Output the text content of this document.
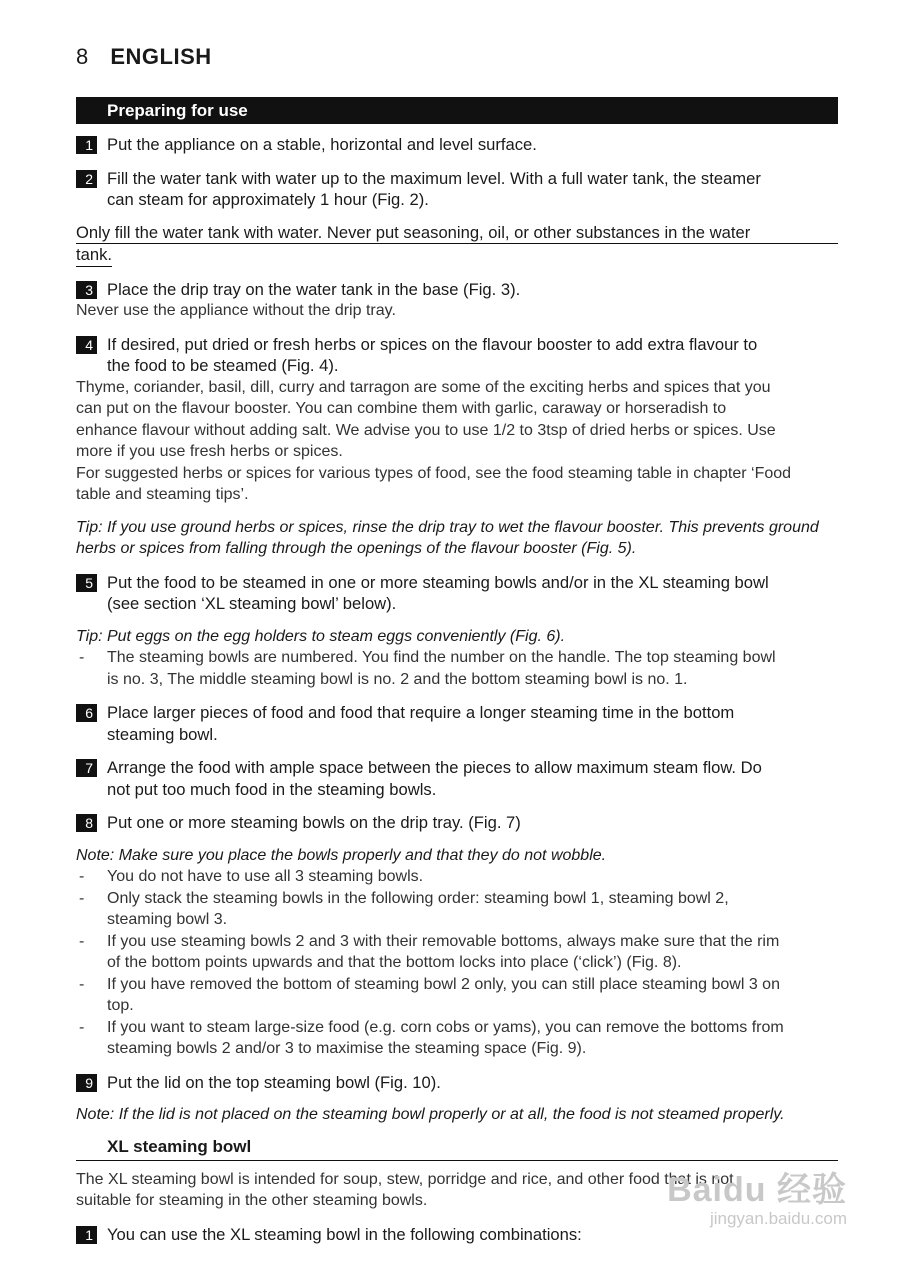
8 ENGLISH
Preparing for use
1 Put the appliance on a stable, horizontal and level surface.
2 Fill the water tank with water up to the maximum level. With a full water tank, the steamer
can steam for approximately 1 hour (Fig. 2).
Only fill the water tank with water. Never put seasoning, oil, or other substances in the water
tank.
3 Place the drip tray on the water tank in the base (Fig. 3).
Never use the appliance without the drip tray.
4 If desired, put dried or fresh herbs or spices on the flavour booster to add extra flavour to
the food to be steamed (Fig. 4).
Thyme, coriander, basil, dill, curry and tarragon are some of the exciting herbs and spices that you
can put on the flavour booster. You can combine them with garlic, caraway or horseradish to
enhance flavour without adding salt. We advise you to use 1/2 to 3tsp of dried herbs or spices. Use
more if you use fresh herbs or spices.
For suggested herbs or spices for various types of food, see the food steaming table in chapter ‘Food
table and steaming tips’.
Tip: If you use ground herbs or spices, rinse the drip tray to wet the flavour booster. This prevents ground
herbs or spices from falling through the openings of the flavour booster (Fig. 5).
5 Put the food to be steamed in one or more steaming bowls and/or in the XL steaming bowl
(see section ‘XL steaming bowl’ below).
Tip: Put eggs on the egg holders to steam eggs conveniently (Fig. 6).
- The steaming bowls are numbered. You find the number on the handle. The top steaming bowl
is no. 3, The middle steaming bowl is no. 2 and the bottom steaming bowl is no. 1.
6 Place larger pieces of food and food that require a longer steaming time in the bottom
steaming bowl.
7 Arrange the food with ample space between the pieces to allow maximum steam flow. Do
not put too much food in the steaming bowls.
8 Put one or more steaming bowls on the drip tray. (Fig. 7)
Note: Make sure you place the bowls properly and that they do not wobble.
- You do not have to use all 3 steaming bowls.
- Only stack the steaming bowls in the following order: steaming bowl 1, steaming bowl 2,
steaming bowl 3.
- If you use steaming bowls 2 and 3 with their removable bottoms, always make sure that the rim
of the bottom points upwards and that the bottom locks into place (‘click’) (Fig. 8).
- If you have removed the bottom of steaming bowl 2 only, you can still place steaming bowl 3 on
top.
- If you want to steam large-size food (e.g. corn cobs or yams), you can remove the bottoms from
steaming bowls 2 and/or 3 to maximise the steaming space (Fig. 9).
9 Put the lid on the top steaming bowl (Fig. 10).
Note: If the lid is not placed on the steaming bowl properly or at all, the food is not steamed properly.
XL steaming bowl
The XL steaming bowl is intended for soup, stew, porridge and rice, and other food that is not
suitable for steaming in the other steaming bowls.
1 You can use the XL steaming bowl in the following combinations:
Baidu 经验
jingyan.baidu.com
